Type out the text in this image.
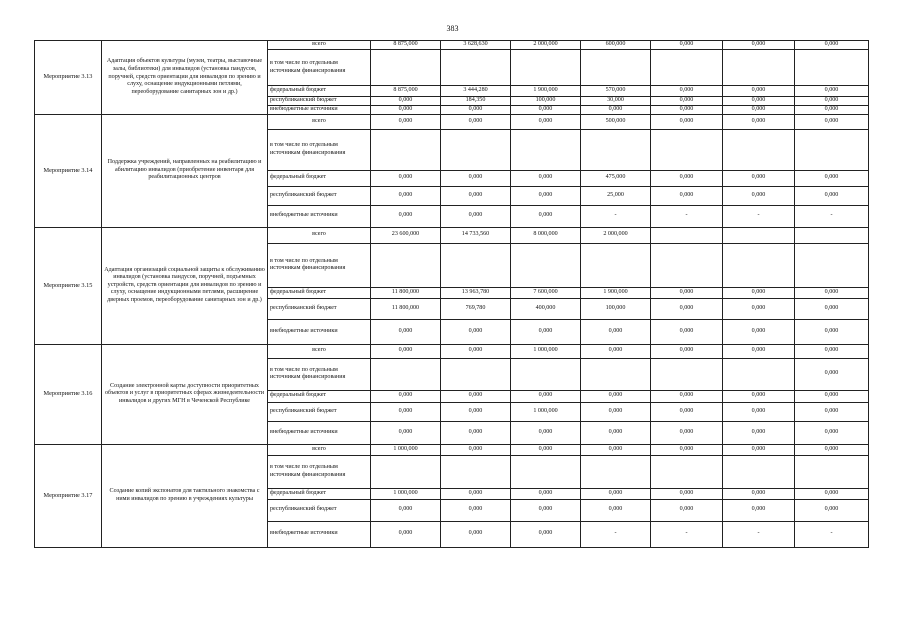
383
Мероприятие 3.13	Адаптация объектов культуры (музеи, театры, выставочные залы, библиотеки) для инвалидов (установка пандусов, поручней, средств ориентации для инвалидов по зрению и слуху, оснащение индукционными петлями, переоборудование санитарных зон и др.)	всего	8 875,000	3 628,630	2 000,000	600,000	0,000	0,000	0,000
		в том числе по отдельным источникам финансирования							
		федеральный бюджет	8 875,000	3 444,280	1 900,000	570,000	0,000	0,000	0,000
		республиканский бюджет	0,000	184,350	100,000	30,000	0,000	0,000	0,000
		внебюджетные источники	0,000	0,000	0,000	0,000	0,000	0,000	0,000
Мероприятие 3.14	Поддержка учреждений, направленных на реабилитацию и абилитацию инвалидов (приобретение инвентаря для реабилитационных центров	всего	0,000	0,000	0,000	500,000	0,000	0,000	0,000
		в том числе по отдельным источникам финансирования							
		федеральный бюджет	0,000	0,000	0,000	475,000	0,000	0,000	0,000
		республиканский бюджет	0,000	0,000	0,000	25,000	0,000	0,000	0,000
		внебюджетные источники	0,000	0,000	0,000	-	-	-	-
Мероприятие 3.15	Адаптация организаций социальной защиты к обслуживанию инвалидов (установка пандусов, поручней, подъемных устройств, средств ориентации для инвалидов по зрению и слуху, оснащение индукционными петлями, расширение дверных проемов, переоборудование санитарных зон и др.)	всего	23 600,000	14 733,560	8 000,000	2 000,000			
		в том числе по отдельным источникам финансирования							
		федеральный бюджет	11 800,000	13 963,780	7 600,000	1 900,000	0,000	0,000	0,000
		республиканский бюджет	11 800,000	769,780	400,000	100,000	0,000	0,000	0,000
		внебюджетные источники	0,000	0,000	0,000	0,000	0,000	0,000	0,000
Мероприятие 3.16	Создание электронной карты доступности приоритетных объектов и услуг в приоритетных сферах жизнедеятельности инвалидов и других МГН в Чеченской Республике	всего	0,000	0,000	1 000,000	0,000	0,000	0,000	0,000
		в том числе по отдельным источникам финансирования							0,000
		федеральный бюджет	0,000	0,000	0,000	0,000	0,000	0,000	0,000
		республиканский бюджет	0,000	0,000	1 000,000	0,000	0,000	0,000	0,000
		внебюджетные источники	0,000	0,000	0,000	0,000	0,000	0,000	0,000
Мероприятие 3.17	Создание копий экспонатов для тактильного знакомства с ними инвалидов по зрению в учреждениях культуры	всего	1 000,000	0,000	0,000	0,000	0,000	0,000	0,000
		в том числе по отдельным источникам финансирования							
		федеральный бюджет	1 000,000	0,000	0,000	0,000	0,000	0,000	0,000
		республиканский бюджет	0,000	0,000	0,000	0,000	0,000	0,000	0,000
		внебюджетные источники	0,000	0,000	0,000	-	-	-	-
